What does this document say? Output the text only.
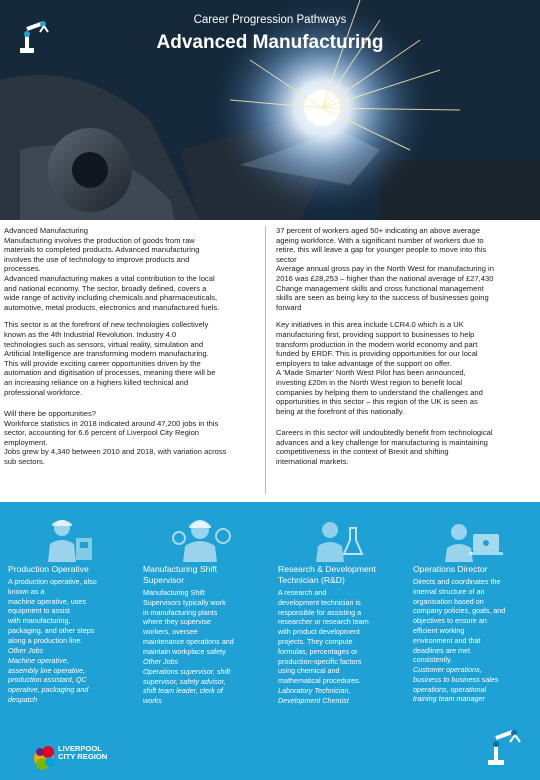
Career Progression Pathways
Advanced Manufacturing

Advanced Manufacturing
Manufacturing involves the production of goods from raw
materials to completed products. Advanced manufacturing
involves the use of technology to improve products and
processes.
Advanced manufacturing makes a vital contribution to the local
and national economy. The sector, broadly defined, covers a
wide range of activity including chemicals and pharmaceuticals,
automotive, metal products, electronics and manufactured fuels.

This sector is at the forefront of new technologies collectively
known as the 4th Industrial Revolution. Industry 4.0
technologies such as sensors, virtual reality, simulation and
Artificial Intelligence are transforming modern manufacturing.
This will provide exciting career opportunities driven by the
automation and digitisation of processes, meaning there will be
an increasing reliance on a highers killed technical and
professional workforce.

Will there be opportunities?
Workforce statistics in 2018 indicated around 47,200 jobs in this
sector, accounting for 6.6 percent of Liverpool City Region
employment.
Jobs grew by 4,340 between 2010 and 2018, with variation across
sub sectors.

37 percent of workers aged 50+ indicating an above average
ageing workforce. With a significant number of workers due to
retire, this will leave a gap for younger people to move into this
sector
Average annual gross pay in the North West for manufacturing in
2016 was £28,253 – higher than the national average of £27,430
Change management skills and cross functional management
skills are seen as being key to the success of businesses going
forward

Key initiatives in this area include LCR4.0 which is a UK
manufacturing first, providing support to businesses to help
transform production in the modern world economy and part
funded by ERDF. This is providing opportunities for our local
employers to take advantage of the support on offer.
A 'Made Smarter' North West Pilot has been announced,
investing £20m in the North West region to benefit local
companies by helping them to understand the challenges and
opportunities in this sector – this region of the UK is seen as
being at the forefront of this nationally.

Careers in this sector will undoubtedly benefit from technological
advances and a key challenge for manufacturing is maintaining
competitiveness in the context of Brexit and shifting
international markets.

Production Operative
A production operative, also
known as a
machine operative, uses
equipment to assist
with manufacturing,
packaging, and other steps
along a production line.
Other Jobs
Machine operative,
assembly line operative,
production assistant, QC
operative, packaging and
despatch
Manufacturing Shift
Supervisor
Manufacturing Shift
Supervisors typically work
in manufacturing plants
where they supervise
workers, oversee
maintenance operations and
maintain workplace safety
Other Jobs
Operations supervisor, shift
supervisor, safety advisor,
shift team leader, clerk of
works
Research & Development
Technician (R&D)
A research and
development technician is
responsible for assisting a
researcher or research team
with product development
projects. They compute
formulas, percentages or
production-specific factors
using chemical and
mathematical procedures.
Laboratory Technician,
Development Chemist
Operations Director
Directs and coordinates the
internal structure of an
organisation based on
company policies, goals, and
objectives to ensure an
efficient working
environment and that
deadlines are met
consistently.
Customer operations,
business to business sales
operations, operational
training team manager
LIVERPOOL
CITY REGION
